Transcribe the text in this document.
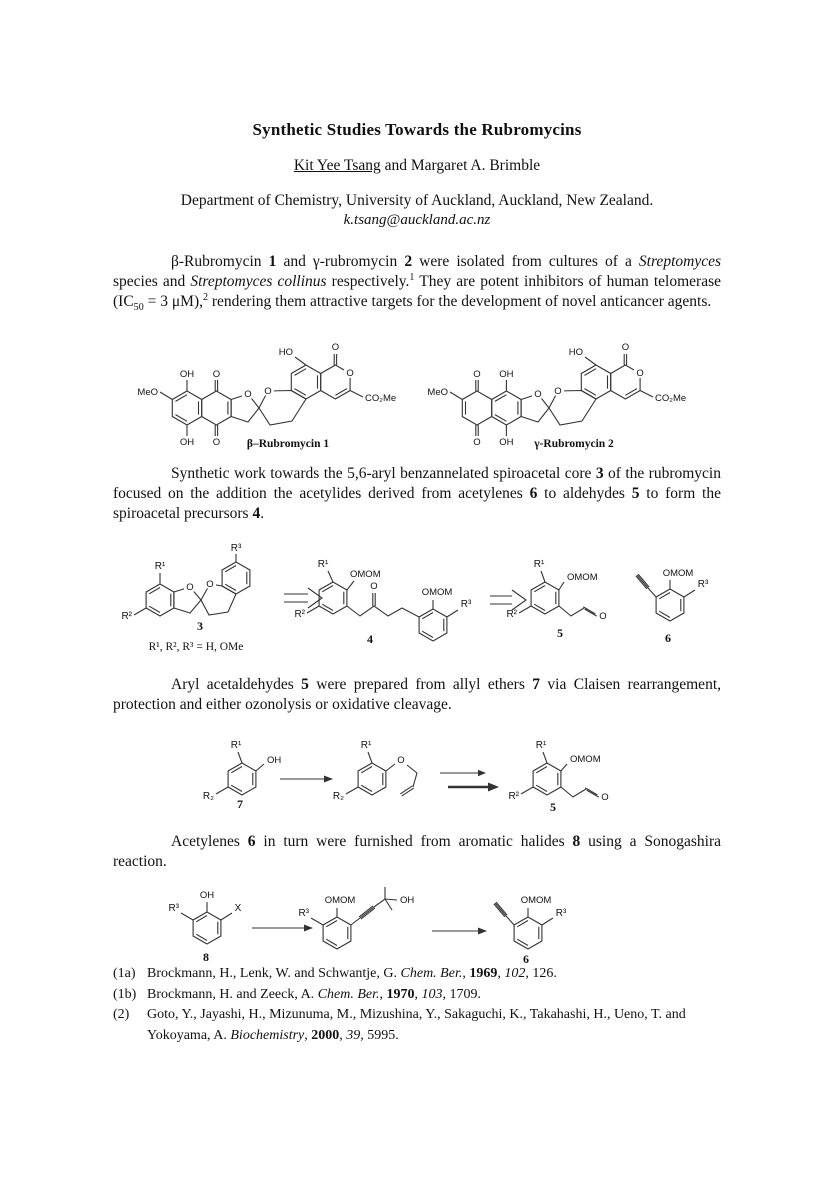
Synthetic Studies Towards the Rubromycins
Kit Yee Tsang and Margaret A. Brimble
Department of Chemistry, University of Auckland, Auckland, New Zealand.
k.tsang@auckland.ac.nz
β-Rubromycin 1 and γ-rubromycin 2 were isolated from cultures of a Streptomyces species and Streptomyces collinus respectively.$^1$ They are potent inhibitors of human telomerase ($IC_{50} = 3$ μM),$^2$ rendering them attractive targets for the development of novel anticancer agents.
OH O
OH O
MeO
HO	O
O
O O
CO₂Me
β–Rubromycin 1
O OH
O OH
MeO
HO	O
O
O O
CO₂Me
γ-Rubromycin 2
Synthetic work towards the 5,6-aryl benzannelated spiroacetal core 3 of the rubromycin focused on the addition the acetylides derived from acetylenes 6 to aldehydes 5 to form the spiroacetal precursors 4.
R¹
R²
R³
O O
3
R¹, R², R³ = H, OMe
R¹
OMOM
R²
O
OMOM
R³
4
R¹
OMOM
R²	O
5
OMOM
R³
6
Aryl acetaldehydes 5 were prepared from allyl ethers 7 via Claisen rearrangement, protection and either ozonolysis or oxidative cleavage.
R¹
OH
R₂
7
R¹
R₂
O
R¹
OMOM
R²	O
5
Acetylenes 6 in turn were furnished from aromatic halides 8 using a Sonogashira reaction.
OH
R³	X
8
R³
OMOM	OH	OMOM
R³
6
(1a) Brockmann, H., Lenk, W. and Schwantje, G. Chem. Ber., 1969, 102, 126.
(1b) Brockmann, H. and Zeeck, A. Chem. Ber., 1970, 103, 1709.
(2) Goto, Y., Jayashi, H., Mizunuma, M., Mizushina, Y., Sakaguchi, K., Takahashi, H., Ueno, T. and Yokoyama, A. Biochemistry, 2000, 39, 5995.
